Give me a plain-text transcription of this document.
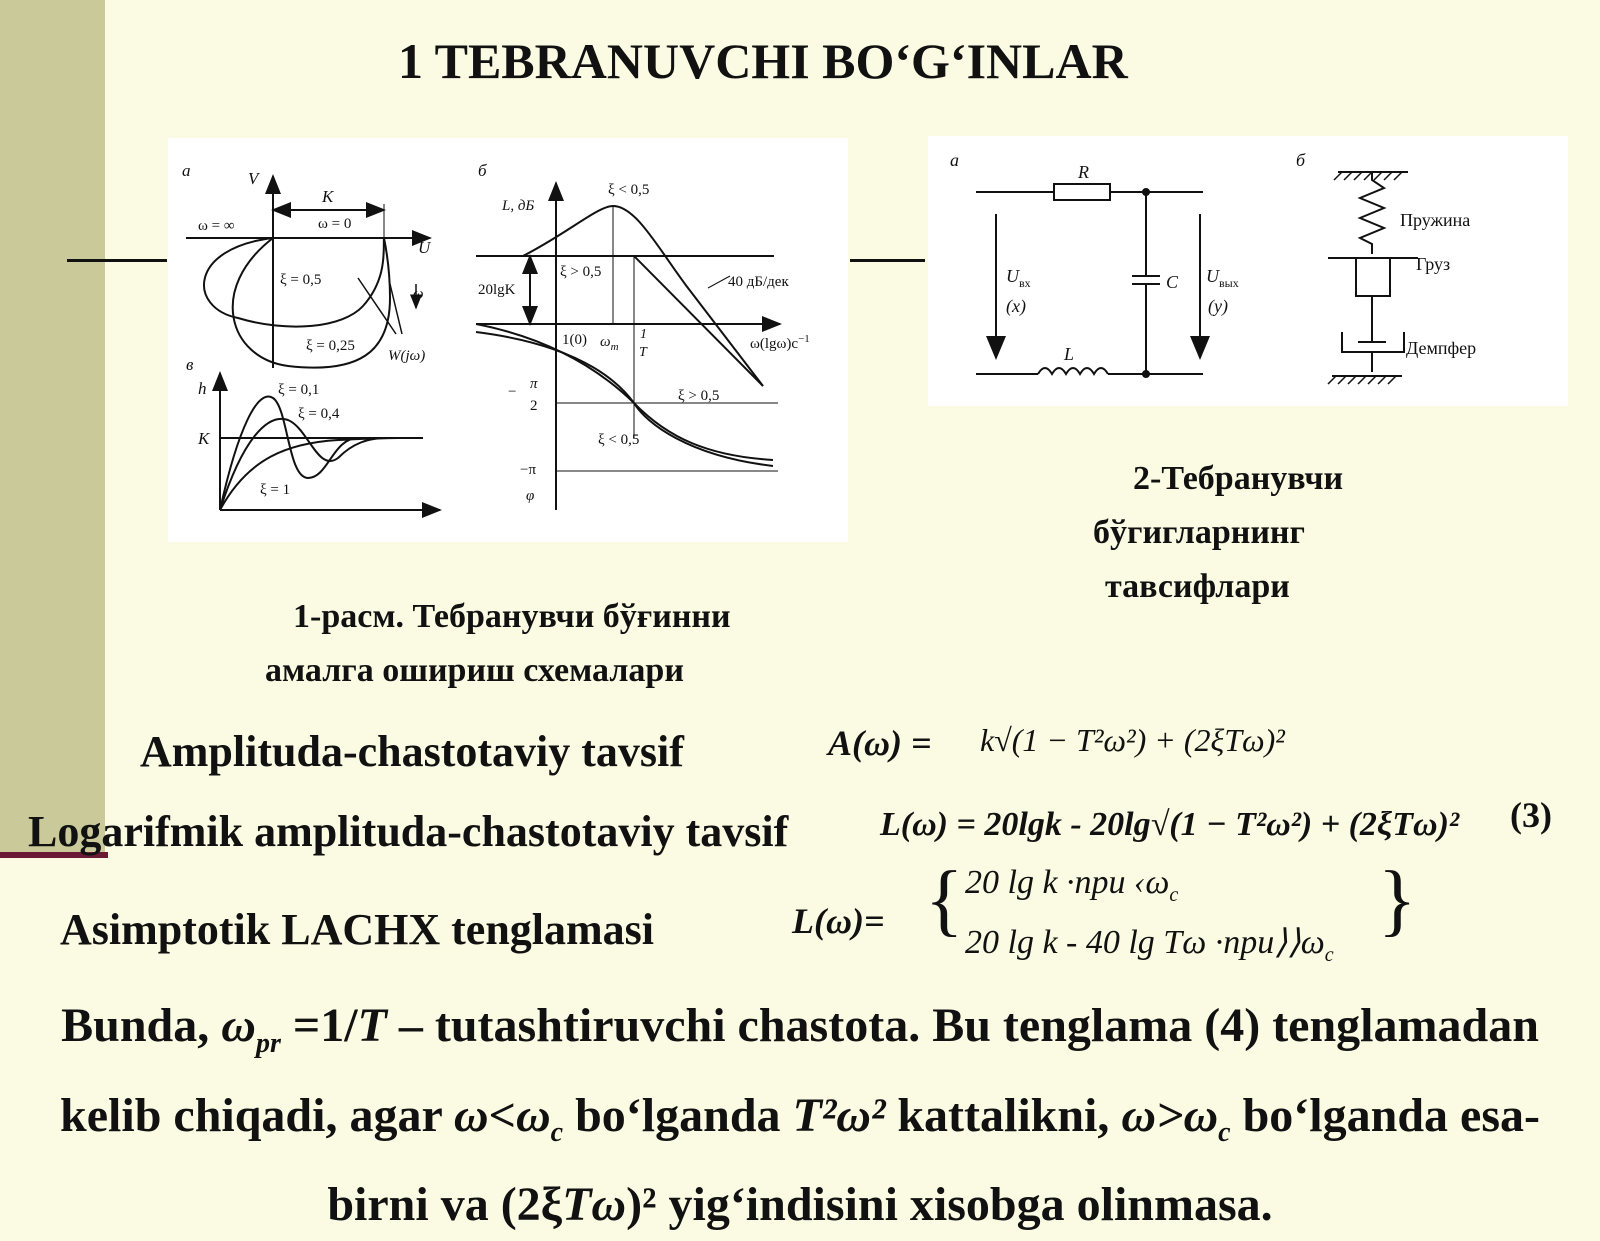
1 TEBRANUVCHI BO‘G‘INLAR
а	V
U
K
ω = ∞	ω = 0
ξ = 0,5
ξ = 0,25
ω
W(jω)
в
h
K
ξ = 0,1
ξ = 0,4
ξ = 1
б
L, дБ
ξ < 0,5
ξ > 0,5
20lgK	40 дБ/дек
1(0) $\omega_m$
1
T
$\omega(\lg\omega)c^{-1}$
− π
2
ξ > 0,5
ξ < 0,5
−π
φ
а
R
C
L
$U_{вх}$
(x)
$U_{вых}$
(y)
б
Пружина
Груз
Демпфер
1-расм. Тебранувчи бўғинни
амалга ошириш схемалари
2-Тебранувчи
бўгигларнинг
тавсифлари
Amplituda-chastotaviy tavsif	A(ω) = k√(1 − T²ω²) + (2ξTω)²
Logarifmik amplituda-chastotaviy tavsif	L(ω) = 20lgk - 20lg√(1 − T²ω²) + (2ξTω)² (3)
Asimptotik LACHX tenglamasi	L(ω)= { 20 lg k ·при $‹\omega_c$
20 lg k - 40 $\lg T\omega \cdot при⟩⟩\omega_c$
}
Bunda, $\omega_{pr} =1/T$ – tutashtiruvchi chastota. Bu tenglama (4) tenglamadan kelib chiqadi, agar $\omega<\omega_c$ bo‘lganda T²ω² kattalikni, $\omega>\omega_c$ bo‘lganda esa-birni va (2ξTω)² yig‘indisini xisobga olinmasa.
